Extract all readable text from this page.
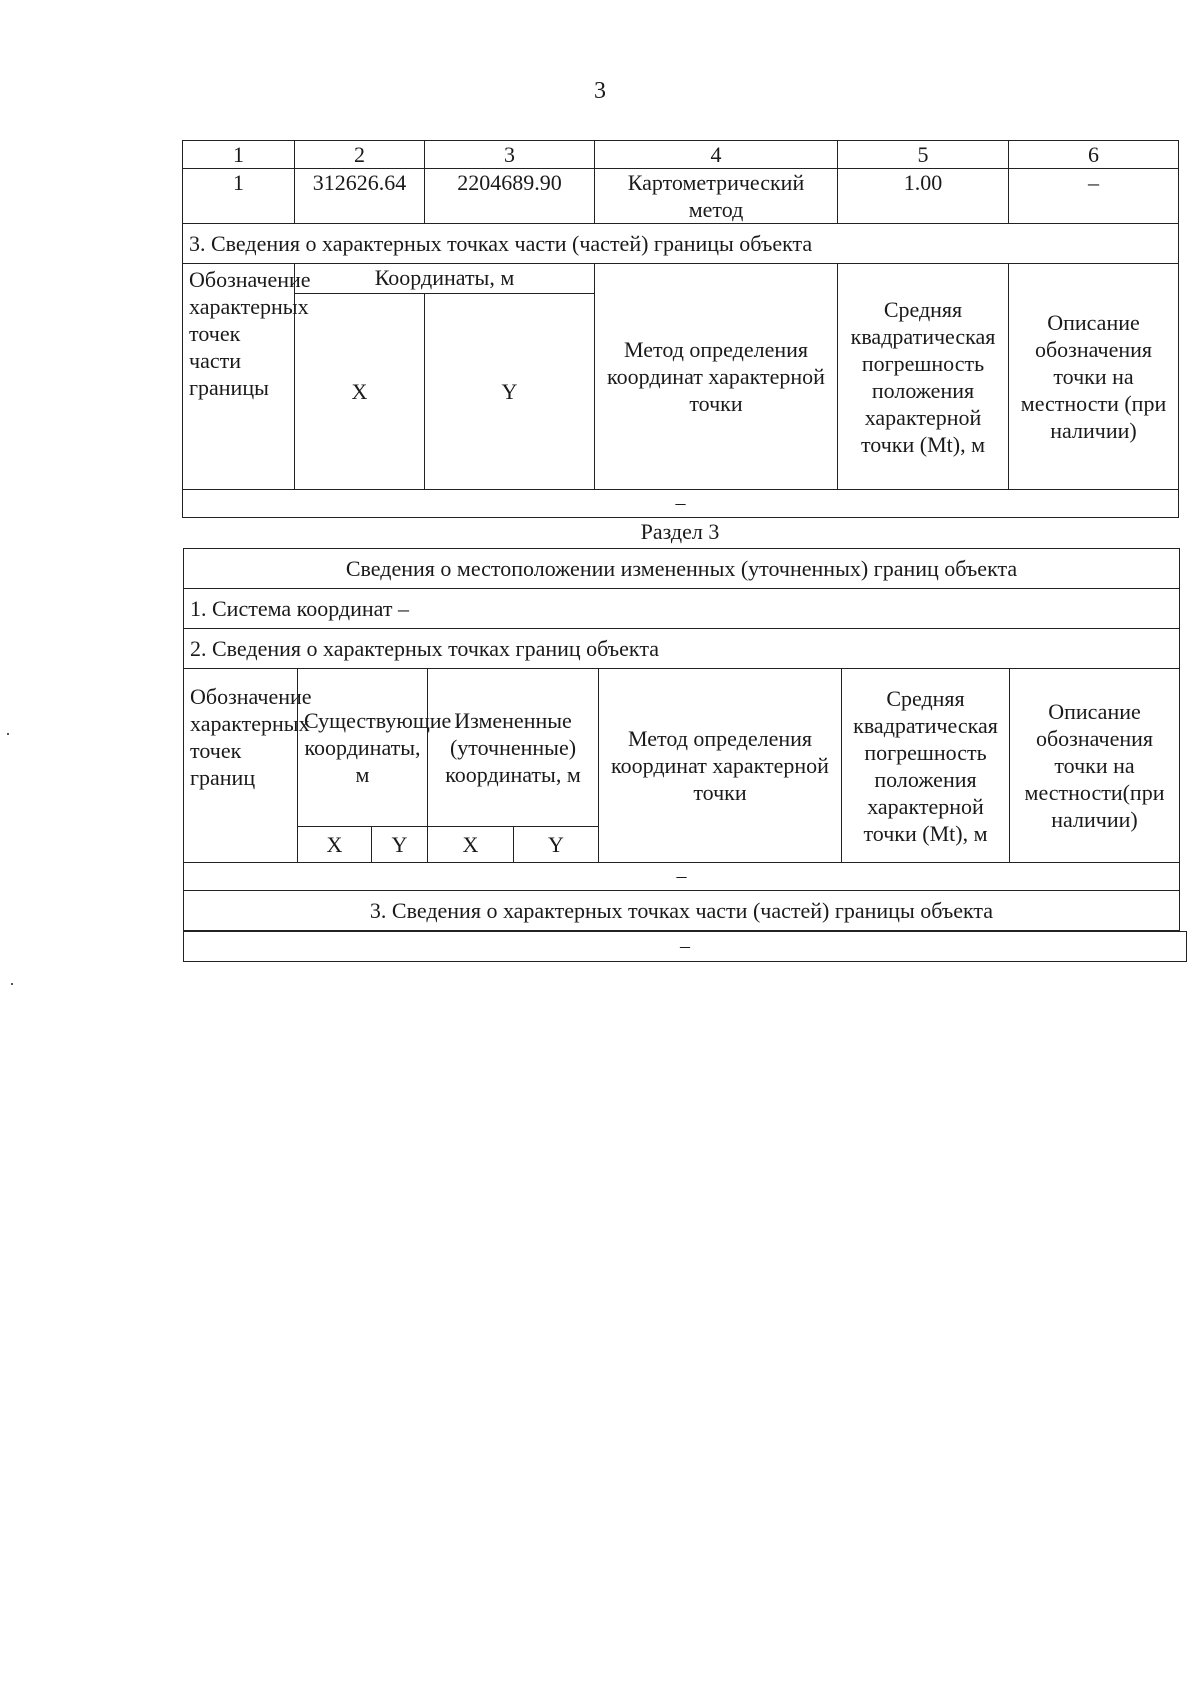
3
1	2	3	4	5	6
1	312626.64	2204689.90	Картометрический метод	1.00	–
3. Сведения о характерных точках части (частей) границы объекта					
Обозначение характерных точек части границы	Координаты, м		Метод определения координат характерной точки	Средняя квадратическая погрешность положения характерной точки (Mt), м	Описание обозначения точки на местности (при наличии)
	X	Y			
–					
Раздел 3
Сведения о местоположении измененных (уточненных) границ объекта							
1. Система координат –							
2. Сведения о характерных точках границ объекта							
Обозначение характерных точек границ	Существующие координаты, м		Измененные (уточненные) координаты, м		Метод определения координат характерной точки	Средняя квадратическая погрешность положения характерной точки (Mt), м	Описание обозначения точки на местности(при наличии)
	X	Y	X	Y			
–							
3. Сведения о характерных точках части (частей) границы объекта							
–
